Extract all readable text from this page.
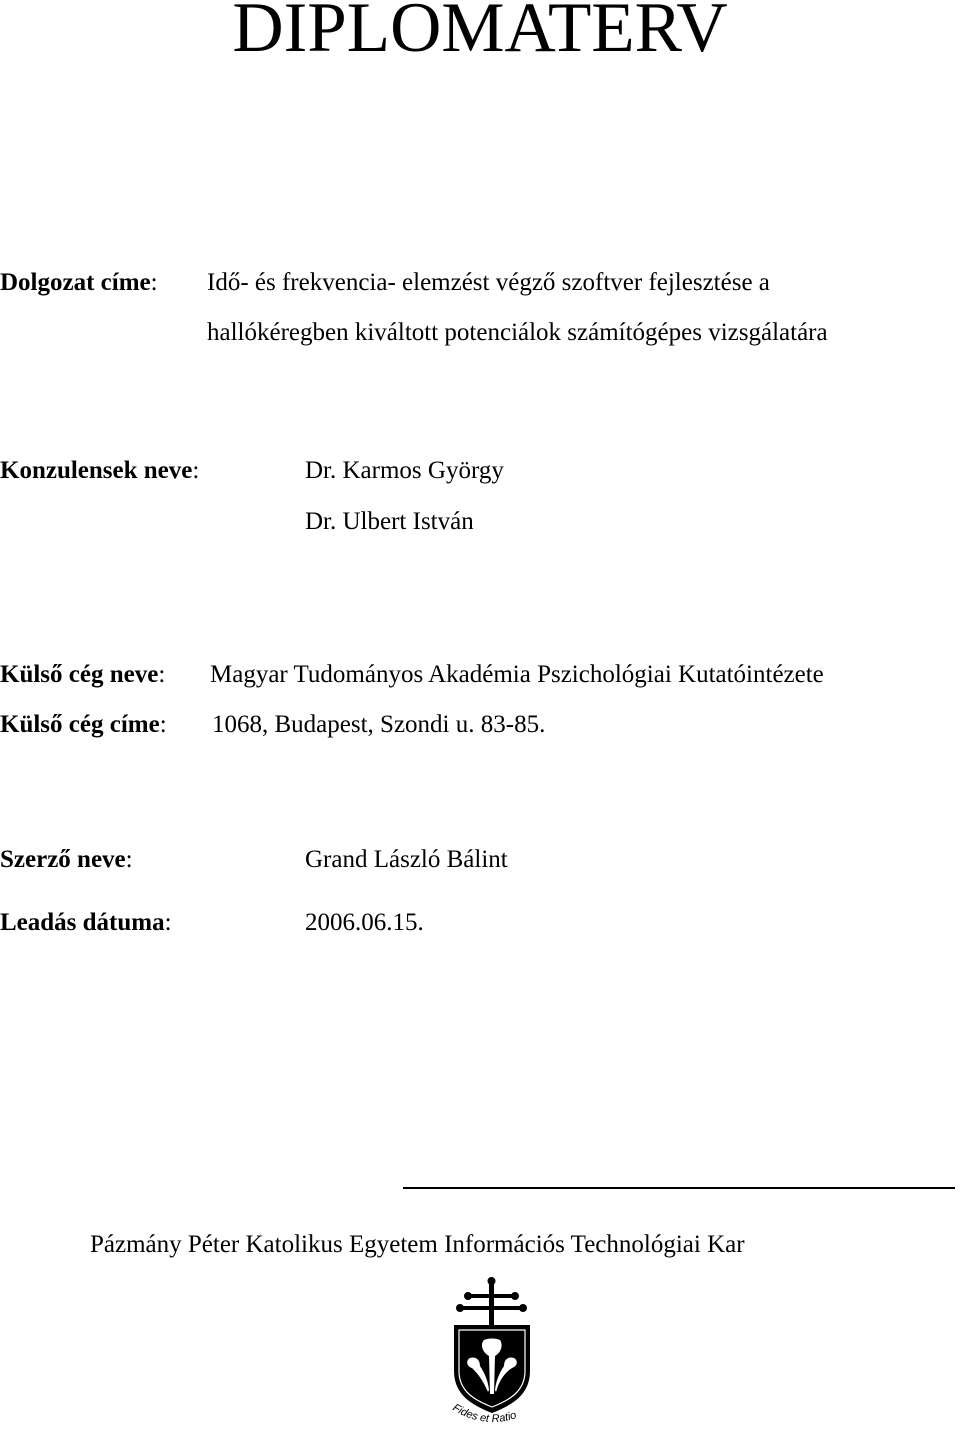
DIPLOMATERV
Dolgozat címe: Idő- és frekvencia- elemzést végző szoftver fejlesztése a
hallókéregben kiváltott potenciálok számítógépes vizsgálatára
Konzulensek neve:	Dr. Karmos György
Dr. Ulbert István
Külső cég neve: Magyar Tudományos Akadémia Pszichológiai Kutatóintézete
Külső cég címe: 1068, Budapest, Szondi u. 83-85.
Szerző neve:	Grand László Bálint
Leadás dátuma:	2006.06.15.
Pázmány Péter Katolikus Egyetem Információs Technológiai Kar
Fides et Ratio
